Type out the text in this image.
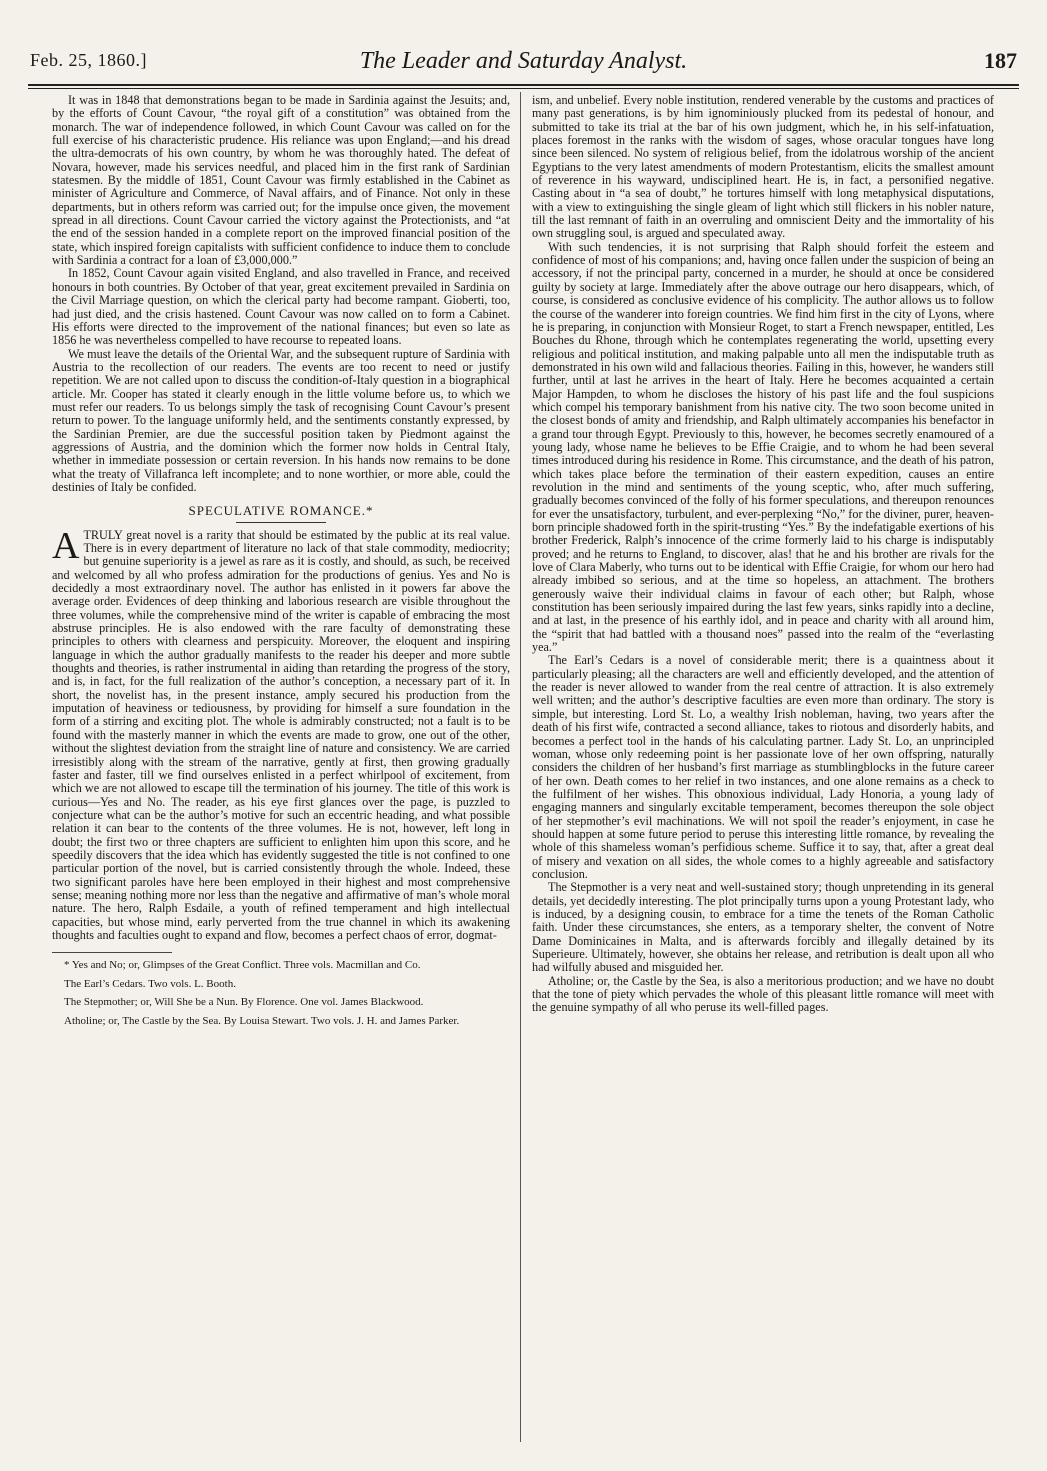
Feb. 25, 1860.]	The Leader and Saturday Analyst.	187

It was in 1848 that demonstrations began to be made in Sardinia against the Jesuits; and, by the efforts of Count Cavour, “the royal gift of a constitution” was obtained from the monarch. The war of independence followed, in which Count Cavour was called on for the full exercise of his characteristic prudence. His reliance was upon England;—and his dread the ultra-democrats of his own country, by whom he was thoroughly hated. The defeat of Novara, however, made his services needful, and placed him in the first rank of Sardinian statesmen. By the middle of 1851, Count Cavour was firmly established in the Cabinet as minister of Agriculture and Commerce, of Naval affairs, and of Finance. Not only in these departments, but in others reform was carried out; for the impulse once given, the movement spread in all directions. Count Cavour carried the victory against the Protectionists, and “at the end of the session handed in a complete report on the improved financial position of the state, which inspired foreign capitalists with sufficient confidence to induce them to conclude with Sardinia a contract for a loan of £3,000,000.”

In 1852, Count Cavour again visited England, and also travelled in France, and received honours in both countries. By October of that year, great excitement prevailed in Sardinia on the Civil Marriage question, on which the clerical party had become rampant. Gioberti, too, had just died, and the crisis hastened. Count Cavour was now called on to form a Cabinet. His efforts were directed to the improvement of the national finances; but even so late as 1856 he was nevertheless compelled to have recourse to repeated loans.

We must leave the details of the Oriental War, and the subsequent rupture of Sardinia with Austria to the recollection of our readers. The events are too recent to need or justify repetition. We are not called upon to discuss the condition-of-Italy question in a biographical article. Mr. Cooper has stated it clearly enough in the little volume before us, to which we must refer our readers. To us belongs simply the task of recognising Count Cavour’s present return to power. To the language uniformly held, and the sentiments constantly expressed, by the Sardinian Premier, are due the successful position taken by Piedmont against the aggressions of Austria, and the dominion which the former now holds in Central Italy, whether in immediate possession or certain reversion. In his hands now remains to be done what the treaty of Villafranca left incomplete; and to none worthier, or more able, could the destinies of Italy be confided.

SPECULATIVE ROMANCE.*

ATRULY great novel is a rarity that should be estimated by the public at its real value. There is in every department of literature no lack of that stale commodity, mediocrity; but genuine superiority is a jewel as rare as it is costly, and should, as such, be received and welcomed by all who profess admiration for the productions of genius. Yes and No is decidedly a most extraordinary novel. The author has enlisted in it powers far above the average order. Evidences of deep thinking and laborious research are visible throughout the three volumes, while the comprehensive mind of the writer is capable of embracing the most abstruse principles. He is also endowed with the rare faculty of demonstrating these principles to others with clearness and perspicuity. Moreover, the eloquent and inspiring language in which the author gradually manifests to the reader his deeper and more subtle thoughts and theories, is rather instrumental in aiding than retarding the progress of the story, and is, in fact, for the full realization of the author’s conception, a necessary part of it. In short, the novelist has, in the present instance, amply secured his production from the imputation of heaviness or tediousness, by providing for himself a sure foundation in the form of a stirring and exciting plot. The whole is admirably constructed; not a fault is to be found with the masterly manner in which the events are made to grow, one out of the other, without the slightest deviation from the straight line of nature and consistency. We are carried irresistibly along with the stream of the narrative, gently at first, then growing gradually faster and faster, till we find ourselves enlisted in a perfect whirlpool of excitement, from which we are not allowed to escape till the termination of his journey. The title of this work is curious—Yes and No. The reader, as his eye first glances over the page, is puzzled to conjecture what can be the author’s motive for such an eccentric heading, and what possible relation it can bear to the contents of the three volumes. He is not, however, left long in doubt; the first two or three chapters are sufficient to enlighten him upon this score, and he speedily discovers that the idea which has evidently suggested the title is not confined to one particular portion of the novel, but is carried consistently through the whole. Indeed, these two significant paroles have here been employed in their highest and most comprehensive sense; meaning nothing more nor less than the negative and affirmative of man’s whole moral nature. The hero, Ralph Esdaile, a youth of refined temperament and high intellectual capacities, but whose mind, early perverted from the true channel in which its awakening thoughts and faculties ought to expand and flow, becomes a perfect chaos of error, dogmat-

* Yes and No; or, Glimpses of the Great Conflict. Three vols. Macmillan and Co.

The Earl’s Cedars. Two vols. L. Booth.

The Stepmother; or, Will She be a Nun. By Florence. One vol. James Blackwood.

Atholine; or, The Castle by the Sea. By Louisa Stewart. Two vols. J. H. and James Parker.

ism, and unbelief. Every noble institution, rendered venerable by the customs and practices of many past generations, is by him ignominiously plucked from its pedestal of honour, and submitted to take its trial at the bar of his own judgment, which he, in his self-infatuation, places foremost in the ranks with the wisdom of sages, whose oracular tongues have long since been silenced. No system of religious belief, from the idolatrous worship of the ancient Egyptians to the very latest amendments of modern Protestantism, elicits the smallest amount of reverence in his wayward, undisciplined heart. He is, in fact, a personified negative. Casting about in “a sea of doubt,” he tortures himself with long metaphysical disputations, with a view to extinguishing the single gleam of light which still flickers in his nobler nature, till the last remnant of faith in an overruling and omniscient Deity and the immortality of his own struggling soul, is argued and speculated away.

With such tendencies, it is not surprising that Ralph should forfeit the esteem and confidence of most of his companions; and, having once fallen under the suspicion of being an accessory, if not the principal party, concerned in a murder, he should at once be considered guilty by society at large. Immediately after the above outrage our hero disappears, which, of course, is considered as conclusive evidence of his complicity. The author allows us to follow the course of the wanderer into foreign countries. We find him first in the city of Lyons, where he is preparing, in conjunction with Monsieur Roget, to start a French newspaper, entitled, Les Bouches du Rhone, through which he contemplates regenerating the world, upsetting every religious and political institution, and making palpable unto all men the indisputable truth as demonstrated in his own wild and fallacious theories. Failing in this, however, he wanders still further, until at last he arrives in the heart of Italy. Here he becomes acquainted a certain Major Hampden, to whom he discloses the history of his past life and the foul suspicions which compel his temporary banishment from his native city. The two soon become united in the closest bonds of amity and friendship, and Ralph ultimately accompanies his benefactor in a grand tour through Egypt. Previously to this, however, he becomes secretly enamoured of a young lady, whose name he believes to be Effie Craigie, and to whom he had been several times introduced during his residence in Rome. This circumstance, and the death of his patron, which takes place before the termination of their eastern expedition, causes an entire revolution in the mind and sentiments of the young sceptic, who, after much suffering, gradually becomes convinced of the folly of his former speculations, and thereupon renounces for ever the unsatisfactory, turbulent, and ever-perplexing “No,” for the diviner, purer, heaven-born principle shadowed forth in the spirit-trusting “Yes.” By the indefatigable exertions of his brother Frederick, Ralph’s innocence of the crime formerly laid to his charge is indisputably proved; and he returns to England, to discover, alas! that he and his brother are rivals for the love of Clara Maberly, who turns out to be identical with Effie Craigie, for whom our hero had already imbibed so serious, and at the time so hopeless, an attachment. The brothers generously waive their individual claims in favour of each other; but Ralph, whose constitution has been seriously impaired during the last few years, sinks rapidly into a decline, and at last, in the presence of his earthly idol, and in peace and charity with all around him, the “spirit that had battled with a thousand noes” passed into the realm of the “everlasting yea.”

The Earl’s Cedars is a novel of considerable merit; there is a quaintness about it particularly pleasing; all the characters are well and efficiently developed, and the attention of the reader is never allowed to wander from the real centre of attraction. It is also extremely well written; and the author’s descriptive faculties are even more than ordinary. The story is simple, but interesting. Lord St. Lo, a wealthy Irish nobleman, having, two years after the death of his first wife, contracted a second alliance, takes to riotous and disorderly habits, and becomes a perfect tool in the hands of his calculating partner. Lady St. Lo, an unprincipled woman, whose only redeeming point is her passionate love of her own offspring, naturally considers the children of her husband’s first marriage as stumblingblocks in the future career of her own. Death comes to her relief in two instances, and one alone remains as a check to the fulfilment of her wishes. This obnoxious individual, Lady Honoria, a young lady of engaging manners and singularly excitable temperament, becomes thereupon the sole object of her stepmother’s evil machinations. We will not spoil the reader’s enjoyment, in case he should happen at some future period to peruse this interesting little romance, by revealing the whole of this shameless woman’s perfidious scheme. Suffice it to say, that, after a great deal of misery and vexation on all sides, the whole comes to a highly agreeable and satisfactory conclusion.

The Stepmother is a very neat and well-sustained story; though unpretending in its general details, yet decidedly interesting. The plot principally turns upon a young Protestant lady, who is induced, by a designing cousin, to embrace for a time the tenets of the Roman Catholic faith. Under these circumstances, she enters, as a temporary shelter, the convent of Notre Dame Dominicaines in Malta, and is afterwards forcibly and illegally detained by its Superieure. Ultimately, however, she obtains her release, and retribution is dealt upon all who had wilfully abused and misguided her.

Atholine; or, the Castle by the Sea, is also a meritorious production; and we have no doubt that the tone of piety which pervades the whole of this pleasant little romance will meet with the genuine sympathy of all who peruse its well-filled pages.
